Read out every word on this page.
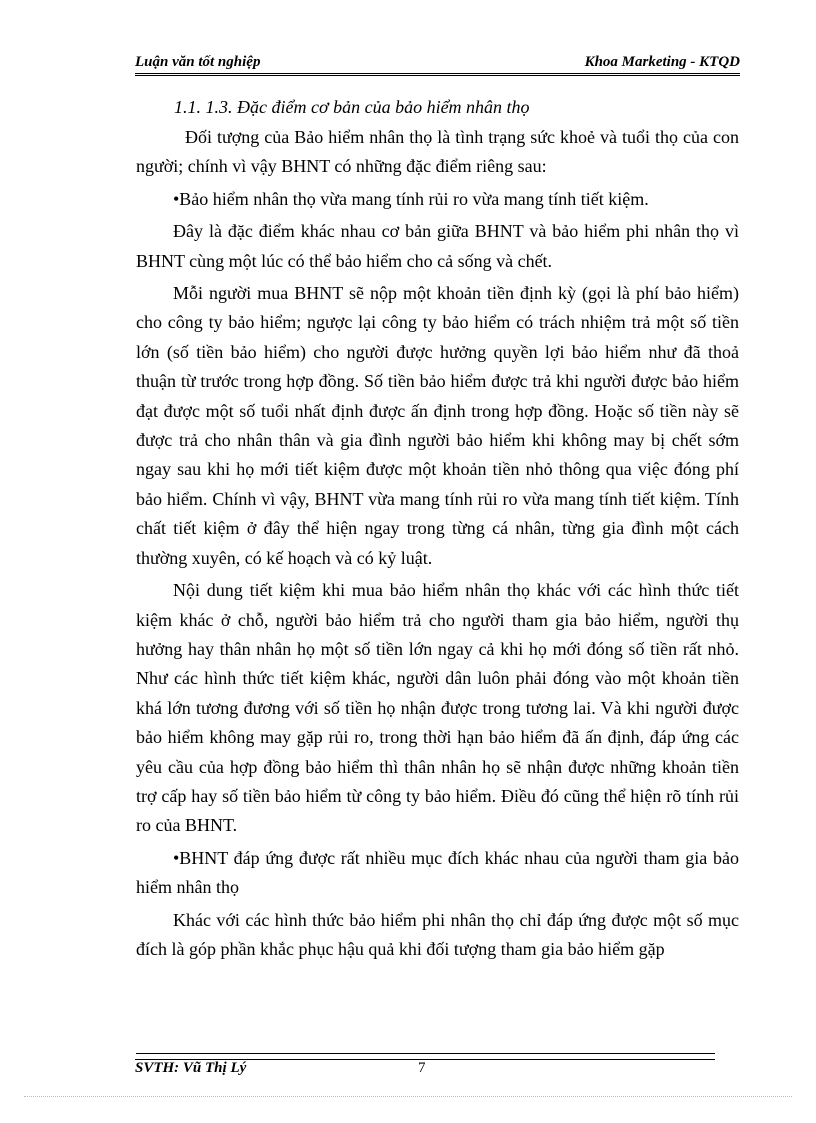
Luận văn tốt nghiệp	Khoa Marketing - KTQD
1.1. 1.3. Đặc điểm cơ bản của bảo hiểm nhân thọ

Đối tượng của Bảo hiểm nhân thọ là tình trạng sức khoẻ và tuổi thọ của con người; chính vì vậy BHNT có những đặc điểm riêng sau:

•Bảo hiểm nhân thọ vừa mang tính rủi ro vừa mang tính tiết kiệm.

Đây là đặc điểm khác nhau cơ bản giữa BHNT và bảo hiểm phi nhân thọ vì BHNT cùng một lúc có thể bảo hiểm cho cả sống và chết.

Mỗi người mua BHNT sẽ nộp một khoản tiền định kỳ (gọi là phí bảo hiểm) cho công ty bảo hiểm; ngược lại công ty bảo hiểm có trách nhiệm trả một số tiền lớn (số tiền bảo hiểm) cho người được hưởng quyền lợi bảo hiểm như đã thoả thuận từ trước trong hợp đồng. Số tiền bảo hiểm được trả khi người được bảo hiểm đạt được một số tuổi nhất định được ấn định trong hợp đồng. Hoặc số tiền này sẽ được trả cho nhân thân và gia đình người bảo hiểm khi không may bị chết sớm ngay sau khi họ mới tiết kiệm được một khoản tiền nhỏ thông qua việc đóng phí bảo hiểm. Chính vì vậy, BHNT vừa mang tính rủi ro vừa mang tính tiết kiệm. Tính chất tiết kiệm ở đây thể hiện ngay trong từng cá nhân, từng gia đình một cách thường xuyên, có kế hoạch và có kỷ luật.

Nội dung tiết kiệm khi mua bảo hiểm nhân thọ khác với các hình thức tiết kiệm khác ở chỗ, người bảo hiểm trả cho người tham gia bảo hiểm, người thụ hưởng hay thân nhân họ một số tiền lớn ngay cả khi họ mới đóng số tiền rất nhỏ. Như các hình thức tiết kiệm khác, người dân luôn phải đóng vào một khoản tiền khá lớn tương đương với số tiền họ nhận được trong tương lai. Và khi người được bảo hiểm không may gặp rủi ro, trong thời hạn bảo hiểm đã ấn định, đáp ứng các yêu cầu của hợp đồng bảo hiểm thì thân nhân họ sẽ nhận được những khoản tiền trợ cấp hay số tiền bảo hiểm từ công ty bảo hiểm. Điều đó cũng thể hiện rõ tính rủi ro của BHNT.

•BHNT đáp ứng được rất nhiều mục đích khác nhau của người tham gia bảo hiểm nhân thọ

Khác với các hình thức bảo hiểm phi nhân thọ chỉ đáp ứng được một số mục đích là góp phần khắc phục hậu quả khi đối tượng tham gia bảo hiểm gặp

SVTH: Vũ Thị Lý	7
